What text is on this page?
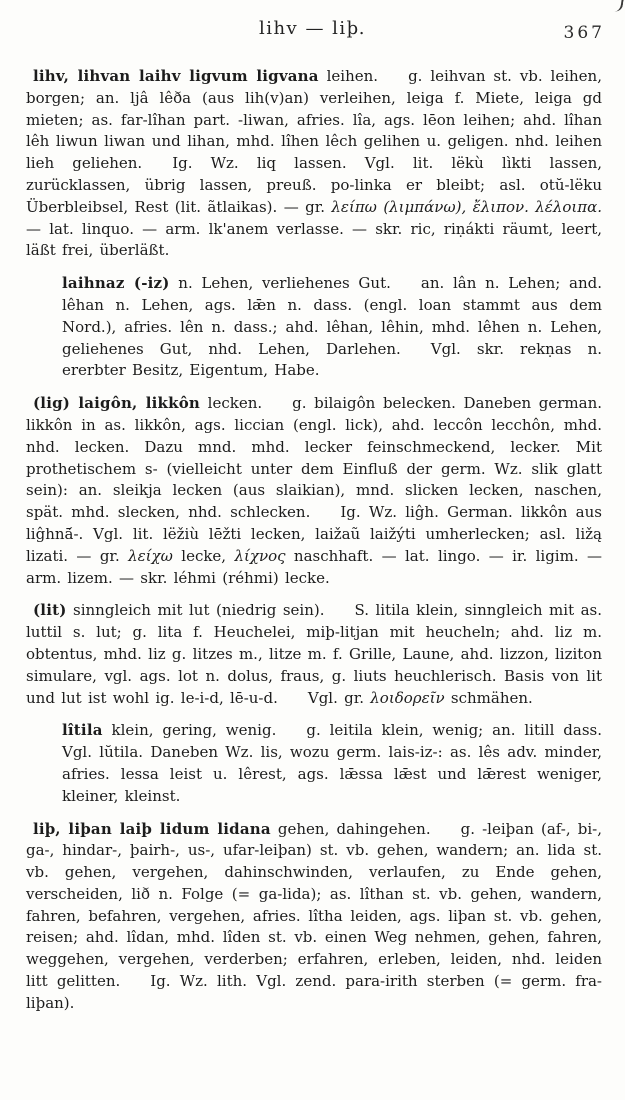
lihv — liþ.	367

lihv, lihvan laihv ligvum ligvana leihen. g. leihvan st. vb. leihen, borgen; an. ljâ lêða (aus lih(v)an) verleihen, leiga f. Miete, leiga gd mieten; as. far-lîhan part. -liwan, afries. lîa, ags. lēon leihen; ahd. lîhan lêh liwun liwan und lihan, mhd. lîhen lêch gelihen u. geligen. nhd. leihen lieh geliehen. Ig. Wz. liq lassen. Vgl. lit. lëkù lìkti lassen, zurücklassen, übrig lassen, preuß. po-linka er bleibt; asl. otŭ-lëku Überbleibsel, Rest (lit. ãtlaikas). — gr. λείπω (λιμπάνω), ἔλιπον. λέλοιπα. — lat. linquo. — arm. lk'anem verlasse. — skr. ric, riṇákti räumt, leert, läßt frei, überläßt.

laihnaz (-iz) n. Lehen, verliehenes Gut. an. lân n. Lehen; and. lêhan n. Lehen, ags. lǣn n. dass. (engl. loan stammt aus dem Nord.), afries. lên n. dass.; ahd. lêhan, lêhin, mhd. lêhen n. Lehen, geliehenes Gut, nhd. Lehen, Darlehen. Vgl. skr. rekṇas n. ererbter Besitz, Eigentum, Habe.

(lig) laigôn, likkôn lecken. g. bilaigôn belecken. Daneben german. likkôn in as. likkôn, ags. liccian (engl. lick), ahd. leccôn lecchôn, mhd. nhd. lecken. Dazu mnd. mhd. lecker feinschmeckend, lecker. Mit prothetischem s- (vielleicht unter dem Einfluß der germ. Wz. slik glatt sein): an. sleikja lecken (aus slaikian), mnd. slicken lecken, naschen, spät. mhd. slecken, nhd. schlecken. Ig. Wz. liĝh. German. likkôn aus liĝhnā́-. Vgl. lit. lëžiù lēžti lecken, laižaũ laižýti umherlecken; asl. ližą lizati. — gr. λείχω lecke, λίχνος naschhaft. — lat. lingo. — ir. ligim. — arm. lizem. — skr. léhmi (réhmi) lecke.

(lit) sinngleich mit lut (niedrig sein). S. litila klein, sinngleich mit as. luttil s. lut; g. lita f. Heuchelei, miþ-litjan mit heucheln; ahd. liz m. obtentus, mhd. liz g. litzes m., litze m. f. Grille, Laune, ahd. lizzon, liziton simulare, vgl. ags. lot n. dolus, fraus, g. liuts heuchlerisch. Basis von lit und lut ist wohl ig. le-i-d, lē-u-d. Vgl. gr. λοιδορεῖν schmähen.

lîtila klein, gering, wenig. g. leitila klein, wenig; an. litill dass. Vgl. lŭtila. Daneben Wz. lis, wozu germ. lais-iz-: as. lês adv. minder, afries. lessa leist u. lêrest, ags. lǣssa lǣst und lǣrest weniger, kleiner, kleinst.

liþ, liþan laiþ lidum lidana gehen, dahingehen. g. -leiþan (af-, bi-, ga-, hindar-, þairh-, us-, ufar-leiþan) st. vb. gehen, wandern; an. lida st. vb. gehen, vergehen, dahinschwinden, verlaufen, zu Ende gehen, verscheiden, lið n. Folge (= ga-lida); as. lîthan st. vb. gehen, wandern, fahren, befahren, vergehen, afries. lîtha leiden, ags. liþan st. vb. gehen, reisen; ahd. lîdan, mhd. lîden st. vb. einen Weg nehmen, gehen, fahren, weggehen, vergehen, verderben; erfahren, erleben, leiden, nhd. leiden litt gelitten. Ig. Wz. lith. Vgl. zend. para-irith sterben (= germ. fra-liþan).
